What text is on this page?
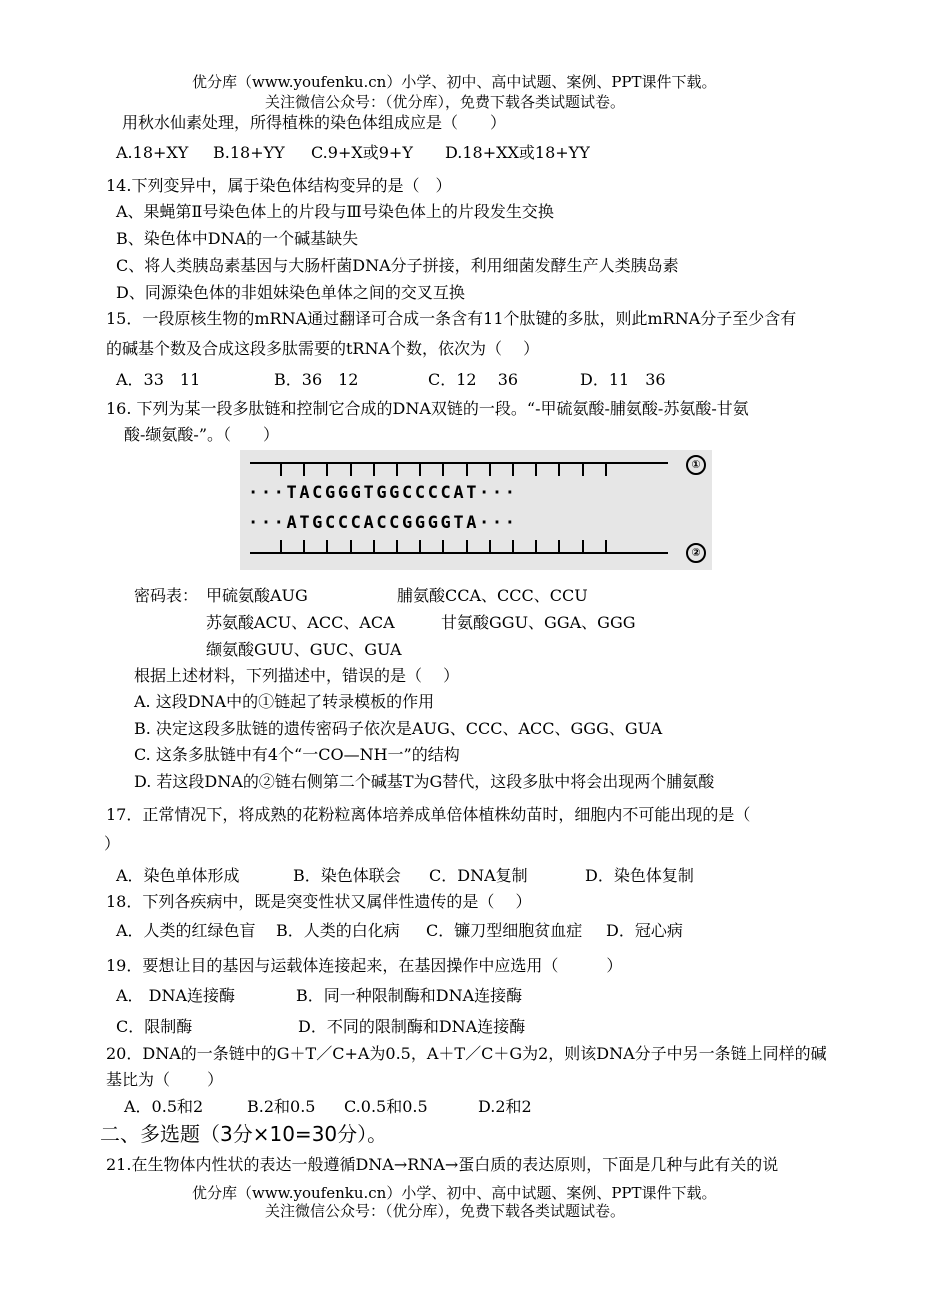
优分库（www.youfenku.cn）小学、初中、高中试题、案例、PPT课件下载。
关注微信公众号：（优分库），免费下载各类试题试卷。
用秋水仙素处理，所得植株的染色体组成应是（　　）
A.18+XY B.18+YY C.9+X或9+Y D.18+XX或18+YY
14.下列变异中，属于染色体结构变异的是（　）
A、果蝇第Ⅱ号染色体上的片段与Ⅲ号染色体上的片段发生交换
B、染色体中DNA的一个碱基缺失
C、将人类胰岛素基因与大肠杆菌DNA分子拼接，利用细菌发酵生产人类胰岛素
D、同源染色体的非姐妹染色单体之间的交叉互换
15．一段原核生物的mRNA通过翻译可合成一条含有11个肽键的多肽，则此mRNA分子至少含有
的碱基个数及合成这段多肽需要的tRNA个数，依次为（　 ）
A．33　11	B．36　12	C．12　 36	D．11　36
16. 下列为某一段多肽链和控制它合成的DNA双链的一段。“-甲硫氨酸-脯氨酸-苏氨酸-甘氨
酸-缬氨酸-”。（　　）
①
···TACGGGTGGCCCCAT···
···ATGCCCACCGGGGTA···
②
密码表： 甲硫氨酸AUG	脯氨酸CCA、CCC、CCU
苏氨酸ACU、ACC、ACA	甘氨酸GGU、GGA、GGG
缬氨酸GUU、GUC、GUA
根据上述材料，下列描述中，错误的是（　 ）
A. 这段DNA中的①链起了转录模板的作用
B. 决定这段多肽链的遗传密码子依次是AUG、CCC、ACC、GGG、GUA
C. 这条多肽链中有4个“一CO—NH一”的结构
D. 若这段DNA的②链右侧第二个碱基T为G替代，这段多肽中将会出现两个脯氨酸
17．正常情况下，将成熟的花粉粒离体培养成单倍体植株幼苗时，细胞内不可能出现的是（
）
A．染色单体形成	B．染色体联会 C．DNA复制	D．染色体复制
18．下列各疾病中，既是突变性状又属伴性遗传的是（　 ）
A．人类的红绿色盲 B．人类的白化病 C．镰刀型细胞贫血症 D．冠心病
19．要想让目的基因与运载体连接起来，在基因操作中应选用（　　　）
A． DNA连接酶	B．同一种限制酶和DNA连接酶
C．限制酶	D．不同的限制酶和DNA连接酶
20．DNA的一条链中的G＋T／C+A为0.5，A＋T／C＋G为2，则该DNA分子中另一条链上同样的碱
基比为（　　 ）
A．0.5和2	B.2和0.5 C.0.5和0.5	D.2和2
二、多选题（3分×10=30分）。
21.在生物体内性状的表达一般遵循DNA→RNA→蛋白质的表达原则，下面是几种与此有关的说
优分库（www.youfenku.cn）小学、初中、高中试题、案例、PPT课件下载。
关注微信公众号：（优分库），免费下载各类试题试卷。
